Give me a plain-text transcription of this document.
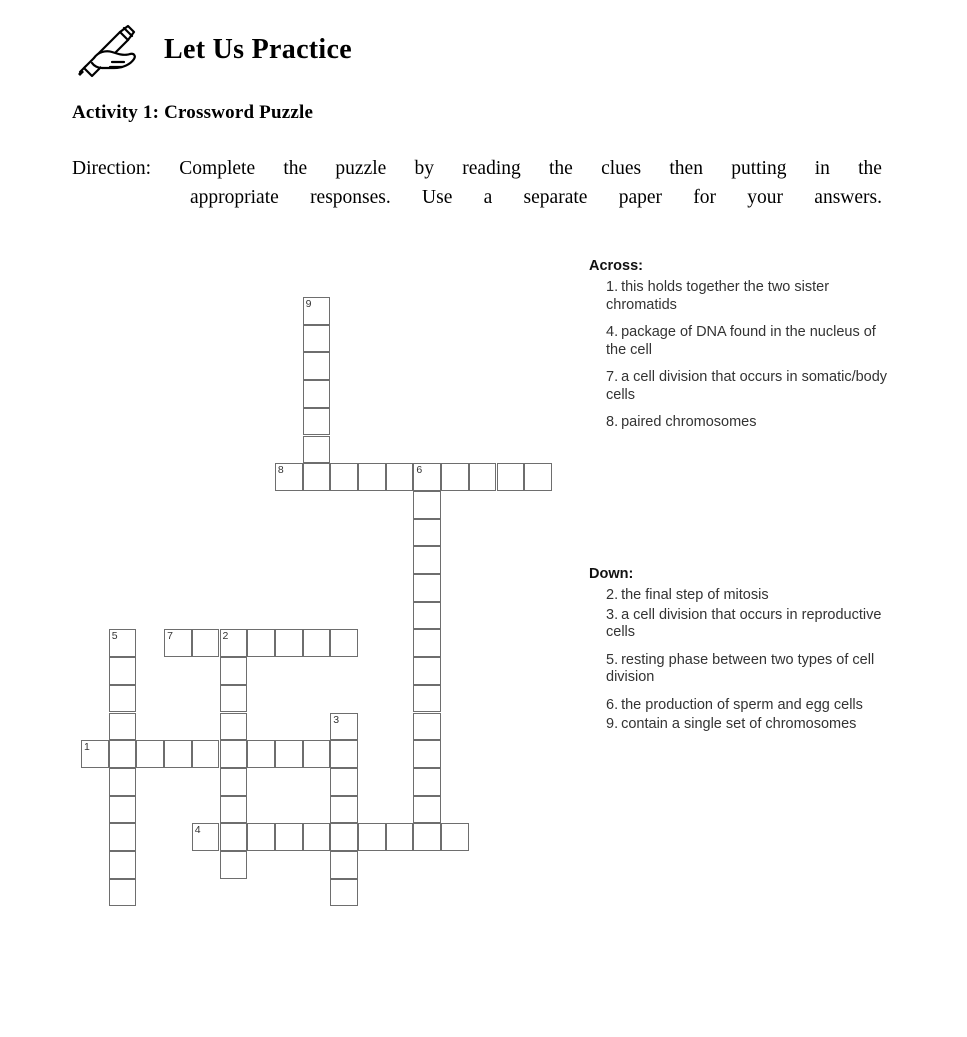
Let Us Practice
Activity 1: Crossword Puzzle
Direction: Complete the puzzle by reading the clues then putting in the
appropriate responses. Use a separate paper for your answers.
9
8	6
5	7	2
3
1
4
Across:
1. this holds together the two sister chromatids
4. package of DNA found in the nucleus of the cell
7. a cell division that occurs in somatic/body cells
8. paired chromosomes
Down:
2. the final step of mitosis
3. a cell division that occurs in reproductive cells
5. resting phase between two types of cell division
6. the production of sperm and egg cells
9. contain a single set of chromosomes
